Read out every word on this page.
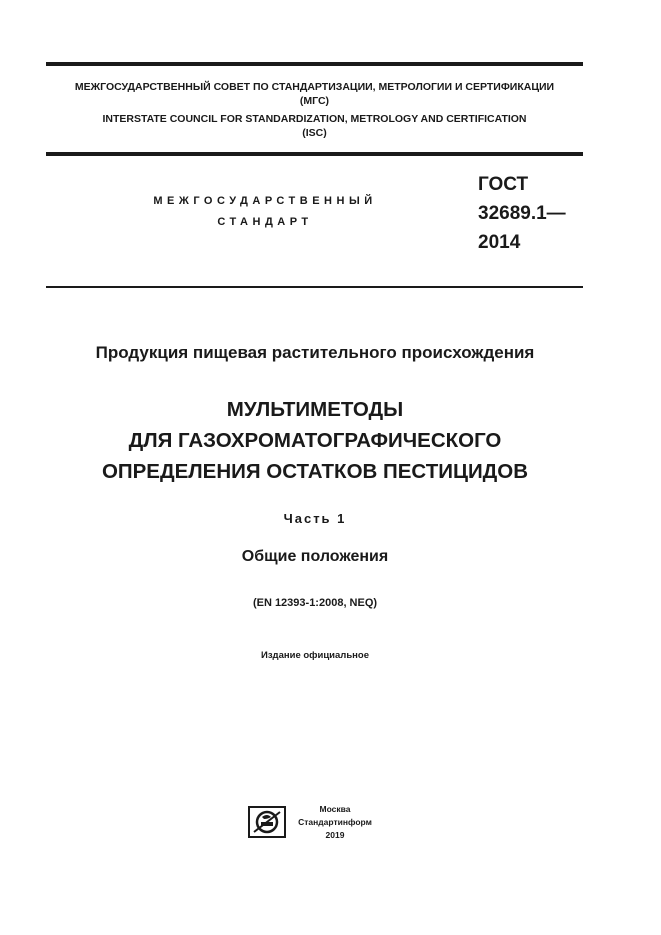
МЕЖГОСУДАРСТВЕННЫЙ СОВЕТ ПО СТАНДАРТИЗАЦИИ, МЕТРОЛОГИИ И СЕРТИФИКАЦИИ
(МГС)
INTERSTATE COUNCIL FOR STANDARDIZATION, METROLOGY AND CERTIFICATION
(ISC)
МЕЖГОСУДАРСТВЕННЫЙ
СТАНДАРТ
ГОСТ
32689.1—
2014
Продукция пищевая растительного происхождения
МУЛЬТИМЕТОДЫ
ДЛЯ ГАЗОХРОМАТОГРАФИЧЕСКОГО
ОПРЕДЕЛЕНИЯ ОСТАТКОВ ПЕСТИЦИДОВ
Часть 1
Общие положения
(EN 12393-1:2008, NEQ)
Издание официальное
Москва
Стандартинформ
2019
